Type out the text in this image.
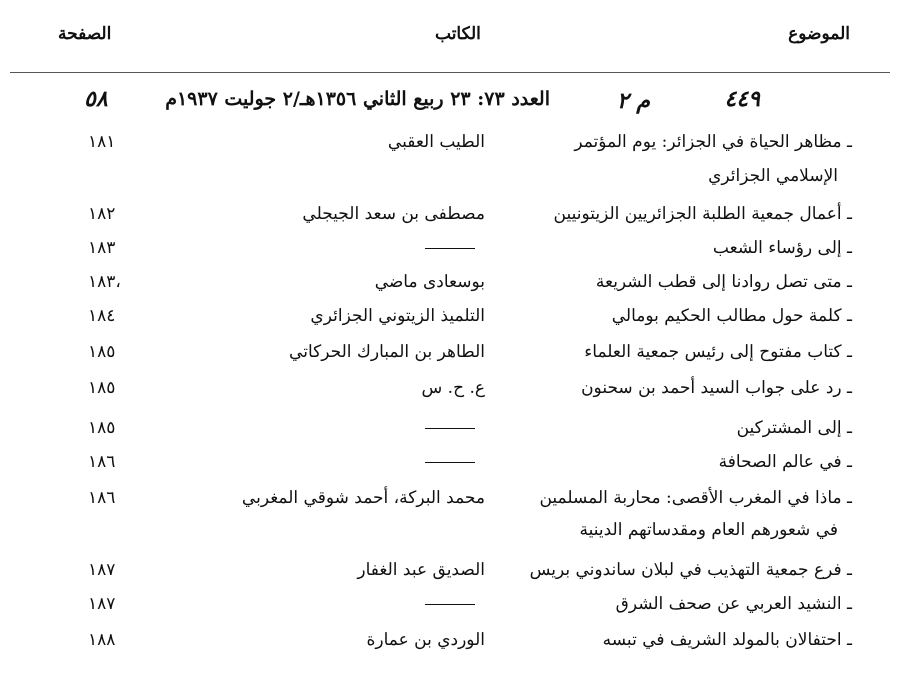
الموضوع
الكاتب
الصفحة
العدد ٧٣: ٢٣ ربيع الثاني ١٣٥٦هـ/٢ جوليت ١٩٣٧م	م ٢	٤٤٩
٥٨
ـ مظاهر الحياة في الجزائر: يوم المؤتمر
الطيب العقبي
١٨١
الإسلامي الجزائري
ـ أعمال جمعية الطلبة الجزائريين الزيتونيين
مصطفى بن سعد الجيجلي
١٨٢
ـ إلى رؤساء الشعب
١٨٣
ـ متى تصل روادنا إلى قطب الشريعة
بوسعادى ماضي
١٨٣،
ـ كلمة حول مطالب الحكيم بومالي
التلميذ الزيتوني الجزائري
١٨٤
ـ كتاب مفتوح إلى رئيس جمعية العلماء
الطاهر بن المبارك الحركاتي
١٨٥
ـ رد على جواب السيد أحمد بن سحنون
ع. ح. س
١٨٥
ـ إلى المشتركين
١٨٥
ـ في عالم الصحافة
١٨٦
ـ ماذا في المغرب الأقصى: محاربة المسلمين
محمد البركة، أحمد شوقي المغربي
١٨٦
في شعورهم العام ومقدساتهم الدينية
ـ فرع جمعية التهذيب في لبلان ساندوني بريس
الصديق عبد الغفار
١٨٧
ـ النشيد العربي عن صحف الشرق
١٨٧
ـ احتفالان بالمولد الشريف في تبسه
الوردي بن عمارة
١٨٨
